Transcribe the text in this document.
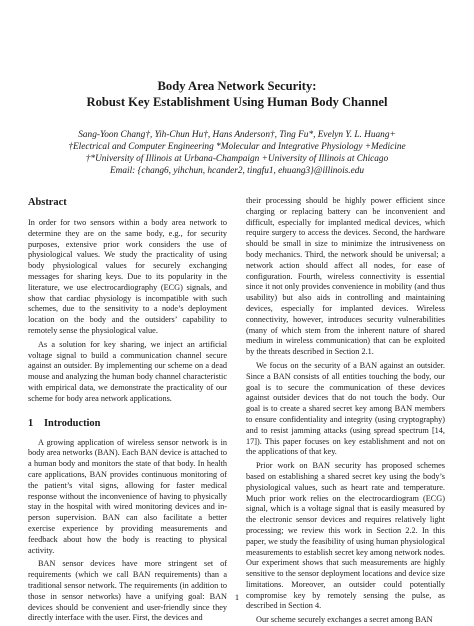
Body Area Network Security:
Robust Key Establishment Using Human Body Channel
Sang-Yoon Chang†, Yih-Chun Hu†, Hans Anderson†, Ting Fu*, Evelyn Y. L. Huang+
†Electrical and Computer Engineering *Molecular and Integrative Physiology +Medicine
†*University of Illinois at Urbana-Champaign +University of Illinois at Chicago
Email: {chang6, yihchun, hcander2, tingfu1, ehuang3}@illinois.edu
Abstract

In order for two sensors within a body area network to determine they are on the same body, e.g., for security purposes, extensive prior work considers the use of physiological values. We study the practicality of using body physiological values for securely exchanging messages for sharing keys. Due to its popularity in the literature, we use electrocardiography (ECG) signals, and show that cardiac physiology is incompatible with such schemes, due to the sensitivity to a node’s deployment location on the body and the outsiders’ capability to remotely sense the physiological value.

As a solution for key sharing, we inject an artificial voltage signal to build a communication channel secure against an outsider. By implementing our scheme on a dead mouse and analyzing the human body channel characteristic with empirical data, we demonstrate the practicality of our scheme for body area network applications.

1 Introduction

A growing application of wireless sensor network is in body area networks (BAN). Each BAN device is attached to a human body and monitors the state of that body. In health care applications, BAN provides continuous monitoring of the patient’s vital signs, allowing for faster medical response without the inconvenience of having to physically stay in the hospital with wired monitoring devices and in-person supervision. BAN can also facilitate a better exercise experience by providing measurements and feedback about how the body is reacting to physical activity.

BAN sensor devices have more stringent set of requirements (which we call BAN requirements) than a traditional sensor network. The requirements (in addition to those in sensor networks) have a unifying goal: BAN devices should be convenient and user-friendly since they directly interface with the user. First, the devices and

their processing should be highly power efficient since charging or replacing battery can be inconvenient and difficult, especially for implanted medical devices, which require surgery to access the devices. Second, the hardware should be small in size to minimize the intrusiveness on body mechanics. Third, the network should be universal; a network action should affect all nodes, for ease of configuration. Fourth, wireless connectivity is essential since it not only provides convenience in mobility (and thus usability) but also aids in controlling and maintaining devices, especially for implanted devices. Wireless connectivity, however, introduces security vulnerabilities (many of which stem from the inherent nature of shared medium in wireless communication) that can be exploited by the threats described in Section 2.1.

We focus on the security of a BAN against an outsider. Since a BAN consists of all entities touching the body, our goal is to secure the communication of these devices against outsider devices that do not touch the body. Our goal is to create a shared secret key among BAN members to ensure confidentiality and integrity (using cryptography) and to resist jamming attacks (using spread spectrum [14, 17]). This paper focuses on key establishment and not on the applications of that key.

Prior work on BAN security has proposed schemes based on establishing a shared secret key using the body’s physiological values, such as heart rate and temperature. Much prior work relies on the electrocardiogram (ECG) signal, which is a voltage signal that is easily measured by the electronic sensor devices and requires relatively light processing; we review this work in Section 2.2. In this paper, we study the feasibility of using human physiological measurements to establish secret key among network nodes. Our experiment shows that such measurements are highly sensitive to the sensor deployment locations and device size limitations. Moreover, an outsider could potentially compromise key by remotely sensing the pulse, as described in Section 4.

Our scheme securely exchanges a secret among BAN

1
